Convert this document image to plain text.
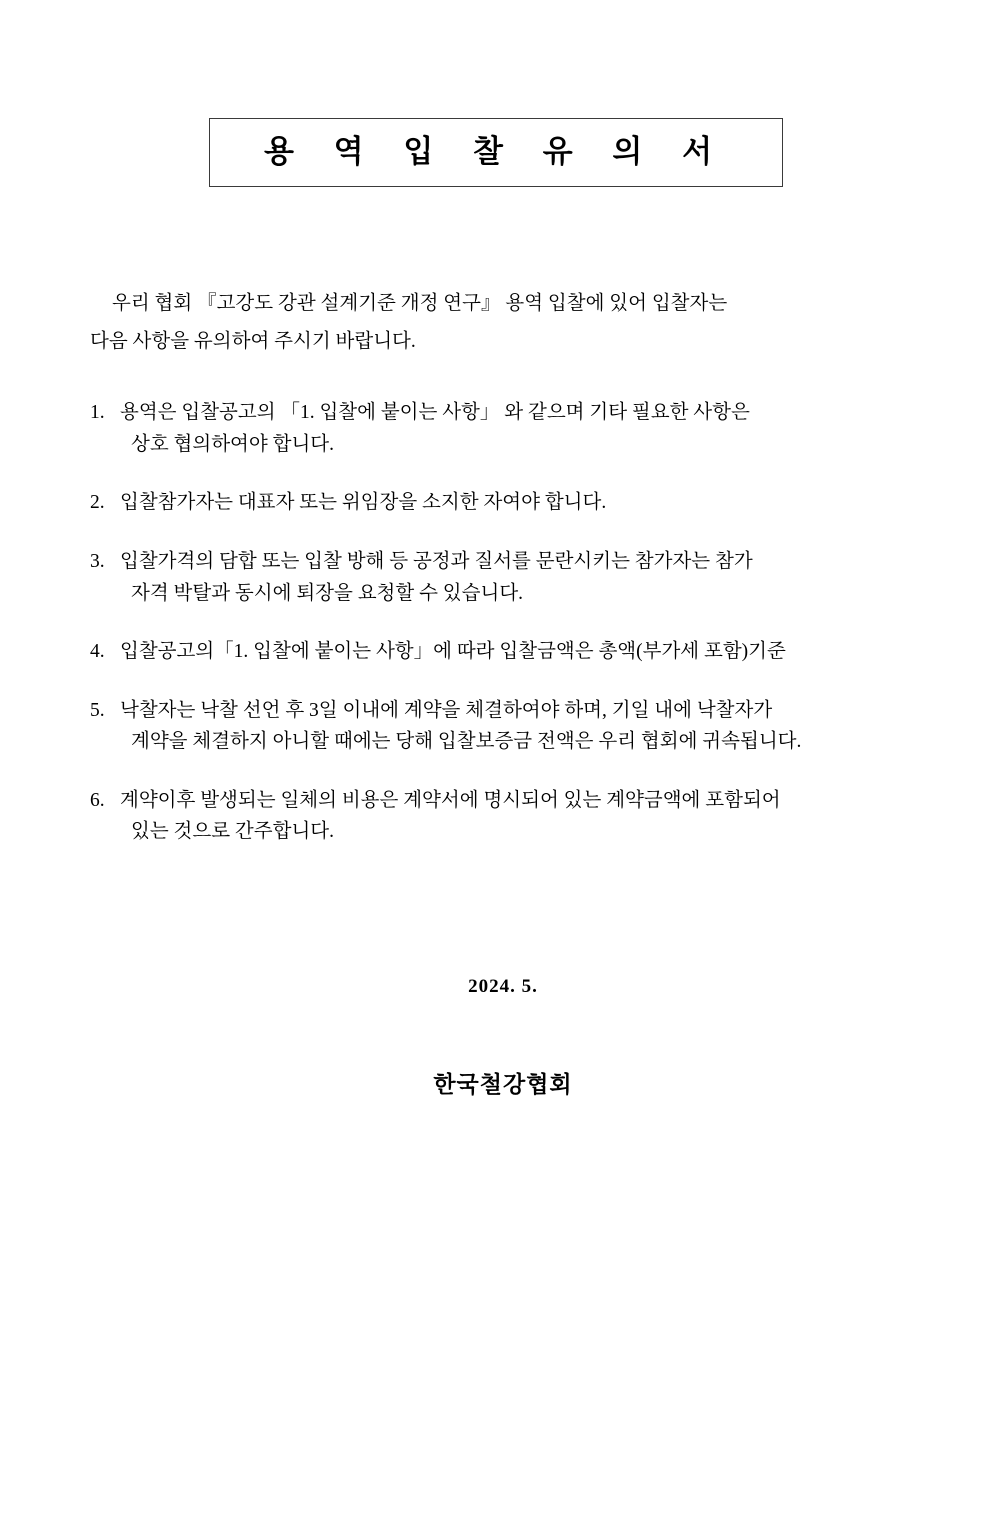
용 역 입 찰 유 의 서
우리 협회 『고강도 강관 설계기준 개정 연구』 용역 입찰에 있어 입찰자는
다음 사항을 유의하여 주시기 바랍니다.
1. 용역은 입찰공고의 「1. 입찰에 붙이는 사항」 와 같으며 기타 필요한 사항은
상호 협의하여야 합니다.
2. 입찰참가자는 대표자 또는 위임장을 소지한 자여야 합니다.
3. 입찰가격의 담합 또는 입찰 방해 등 공정과 질서를 문란시키는 참가자는 참가
자격 박탈과 동시에 퇴장을 요청할 수 있습니다.
4. 입찰공고의「1. 입찰에 붙이는 사항」에 따라 입찰금액은 총액(부가세 포함)기준
5. 낙찰자는 낙찰 선언 후 3일 이내에 계약을 체결하여야 하며, 기일 내에 낙찰자가
계약을 체결하지 아니할 때에는 당해 입찰보증금 전액은 우리 협회에 귀속됩니다.
6. 계약이후 발생되는 일체의 비용은 계약서에 명시되어 있는 계약금액에 포함되어
있는 것으로 간주합니다.
2024. 5.
한국철강협회
